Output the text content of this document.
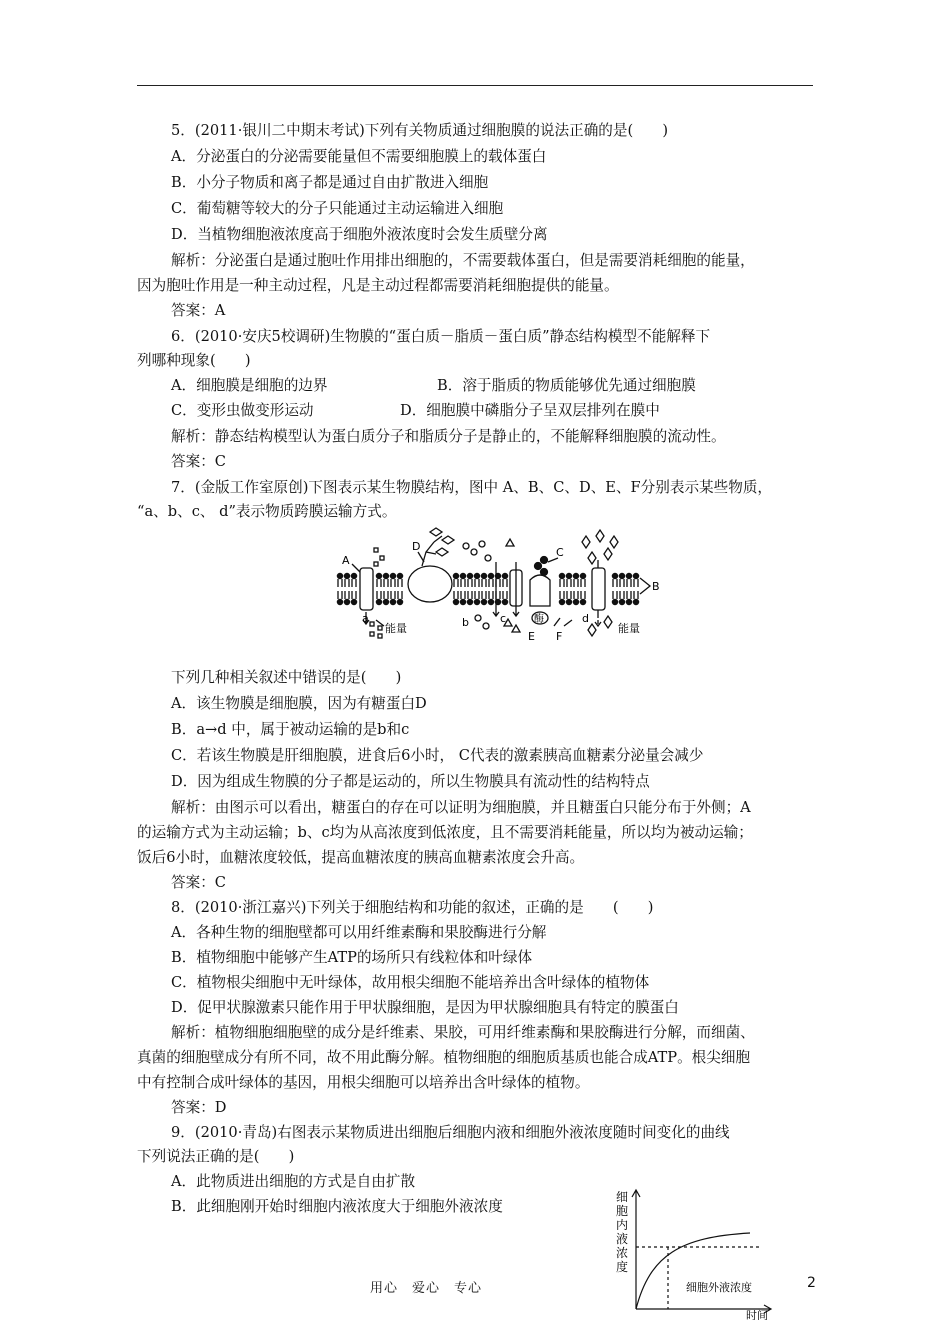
5．(2011·银川二中期末考试)下列有关物质通过细胞膜的说法正确的是(　　)
A．分泌蛋白的分泌需要能量但不需要细胞膜上的载体蛋白
B．小分子物质和离子都是通过自由扩散进入细胞
C．葡萄糖等较大的分子只能通过主动运输进入细胞
D．当植物细胞液浓度高于细胞外液浓度时会发生质壁分离
解析：分泌蛋白是通过胞吐作用排出细胞的，不需要载体蛋白，但是需要消耗细胞的能量，
因为胞吐作用是一种主动过程，凡是主动过程都需要消耗细胞提供的能量。
答案：A
6．(2010·安庆5校调研)生物膜的“蛋白质－脂质－蛋白质”静态结构模型不能解释下
列哪种现象(　　)
A．细胞膜是细胞的边界	B．溶于脂质的物质能够优先通过细胞膜
C．变形虫做变形运动	D．细胞膜中磷脂分子呈双层排列在膜中
解析：静态结构模型认为蛋白质分子和脂质分子是静止的，不能解释细胞膜的流动性。
答案：C
7．(金版工作室原创)下图表示某生物膜结构，图中 A、B、C、D、E、F分别表示某些物质，
“a、b、c、 d”表示物质跨膜运输方式。
A
D	C
B
a	b	c	d
能量	能量
酶
E F
下列几种相关叙述中错误的是(　　)
A．该生物膜是细胞膜，因为有糖蛋白D
B．a→d 中，属于被动运输的是b和c
C．若该生物膜是肝细胞膜，进食后6小时， C代表的激素胰高血糖素分泌量会减少
D．因为组成生物膜的分子都是运动的，所以生物膜具有流动性的结构特点
解析：由图示可以看出，糖蛋白的存在可以证明为细胞膜，并且糖蛋白只能分布于外侧；A
的运输方式为主动运输；b、c均为从高浓度到低浓度，且不需要消耗能量，所以均为被动运输；
饭后6小时，血糖浓度较低，提高血糖浓度的胰高血糖素浓度会升高。
答案：C
8．(2010·浙江嘉兴)下列关于细胞结构和功能的叙述，正确的是　　(　　)
A．各种生物的细胞壁都可以用纤维素酶和果胶酶进行分解
B．植物细胞中能够产生ATP的场所只有线粒体和叶绿体
C．植物根尖细胞中无叶绿体，故用根尖细胞不能培养出含叶绿体的植物体
D．促甲状腺激素只能作用于甲状腺细胞，是因为甲状腺细胞具有特定的膜蛋白
解析：植物细胞细胞壁的成分是纤维素、果胶，可用纤维素酶和果胶酶进行分解，而细菌、
真菌的细胞壁成分有所不同，故不用此酶分解。植物细胞的细胞质基质也能合成ATP。根尖细胞
中有控制合成叶绿体的基因，用根尖细胞可以培养出含叶绿体的植物。
答案：D
9．(2010·青岛)右图表示某物质进出细胞后细胞内液和细胞外液浓度随时间变化的曲线
下列说法正确的是(　　)
A．此物质进出细胞的方式是自由扩散
B．此细胞刚开始时细胞内液浓度大于细胞外液浓度
细
胞
内
液
浓
度
细胞外液浓度
时间
用心　爱心　专心	2
